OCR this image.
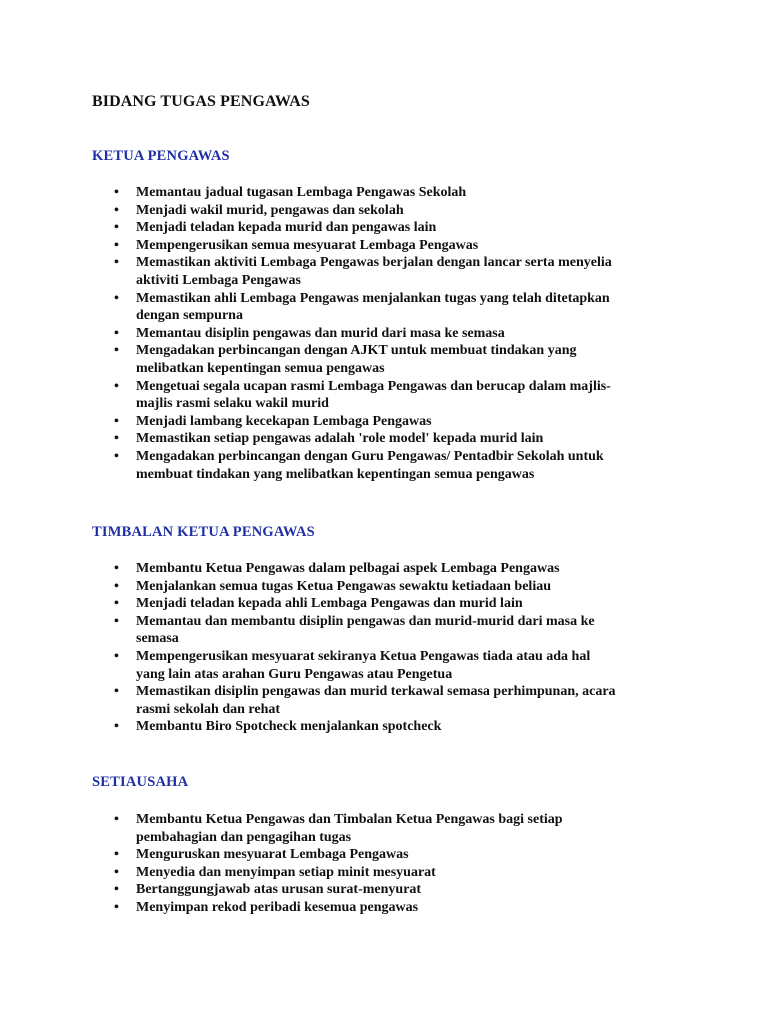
BIDANG TUGAS PENGAWAS
KETUA PENGAWAS
• Memantau jadual tugasan Lembaga Pengawas Sekolah
• Menjadi wakil murid, pengawas dan sekolah
• Menjadi teladan kepada murid dan pengawas lain
• Mempengerusikan semua mesyuarat Lembaga Pengawas
• Memastikan aktiviti Lembaga Pengawas berjalan dengan lancar serta menyelia aktiviti Lembaga Pengawas
• Memastikan ahli Lembaga Pengawas menjalankan tugas yang telah ditetapkan dengan sempurna
• Memantau disiplin pengawas dan murid dari masa ke semasa
• Mengadakan perbincangan dengan AJKT untuk membuat tindakan yang melibatkan kepentingan semua pengawas
• Mengetuai segala ucapan rasmi Lembaga Pengawas dan berucap dalam majlis-majlis rasmi selaku wakil murid
• Menjadi lambang kecekapan Lembaga Pengawas
• Memastikan setiap pengawas adalah 'role model' kepada murid lain
• Mengadakan perbincangan dengan Guru Pengawas/ Pentadbir Sekolah untuk membuat tindakan yang melibatkan kepentingan semua pengawas
TIMBALAN KETUA PENGAWAS
• Membantu Ketua Pengawas dalam pelbagai aspek Lembaga Pengawas
• Menjalankan semua tugas Ketua Pengawas sewaktu ketiadaan beliau
• Menjadi teladan kepada ahli Lembaga Pengawas dan murid lain
• Memantau dan membantu disiplin pengawas dan murid-murid dari masa ke semasa
• Mempengerusikan mesyuarat sekiranya Ketua Pengawas tiada atau ada hal yang lain atas arahan Guru Pengawas atau Pengetua
• Memastikan disiplin pengawas dan murid terkawal semasa perhimpunan, acara rasmi sekolah dan rehat
• Membantu Biro Spotcheck menjalankan spotcheck
SETIAUSAHA
• Membantu Ketua Pengawas dan Timbalan Ketua Pengawas bagi setiap pembahagian dan pengagihan tugas
• Menguruskan mesyuarat Lembaga Pengawas
• Menyedia dan menyimpan setiap minit mesyuarat
• Bertanggungjawab atas urusan surat-menyurat
• Menyimpan rekod peribadi kesemua pengawas
